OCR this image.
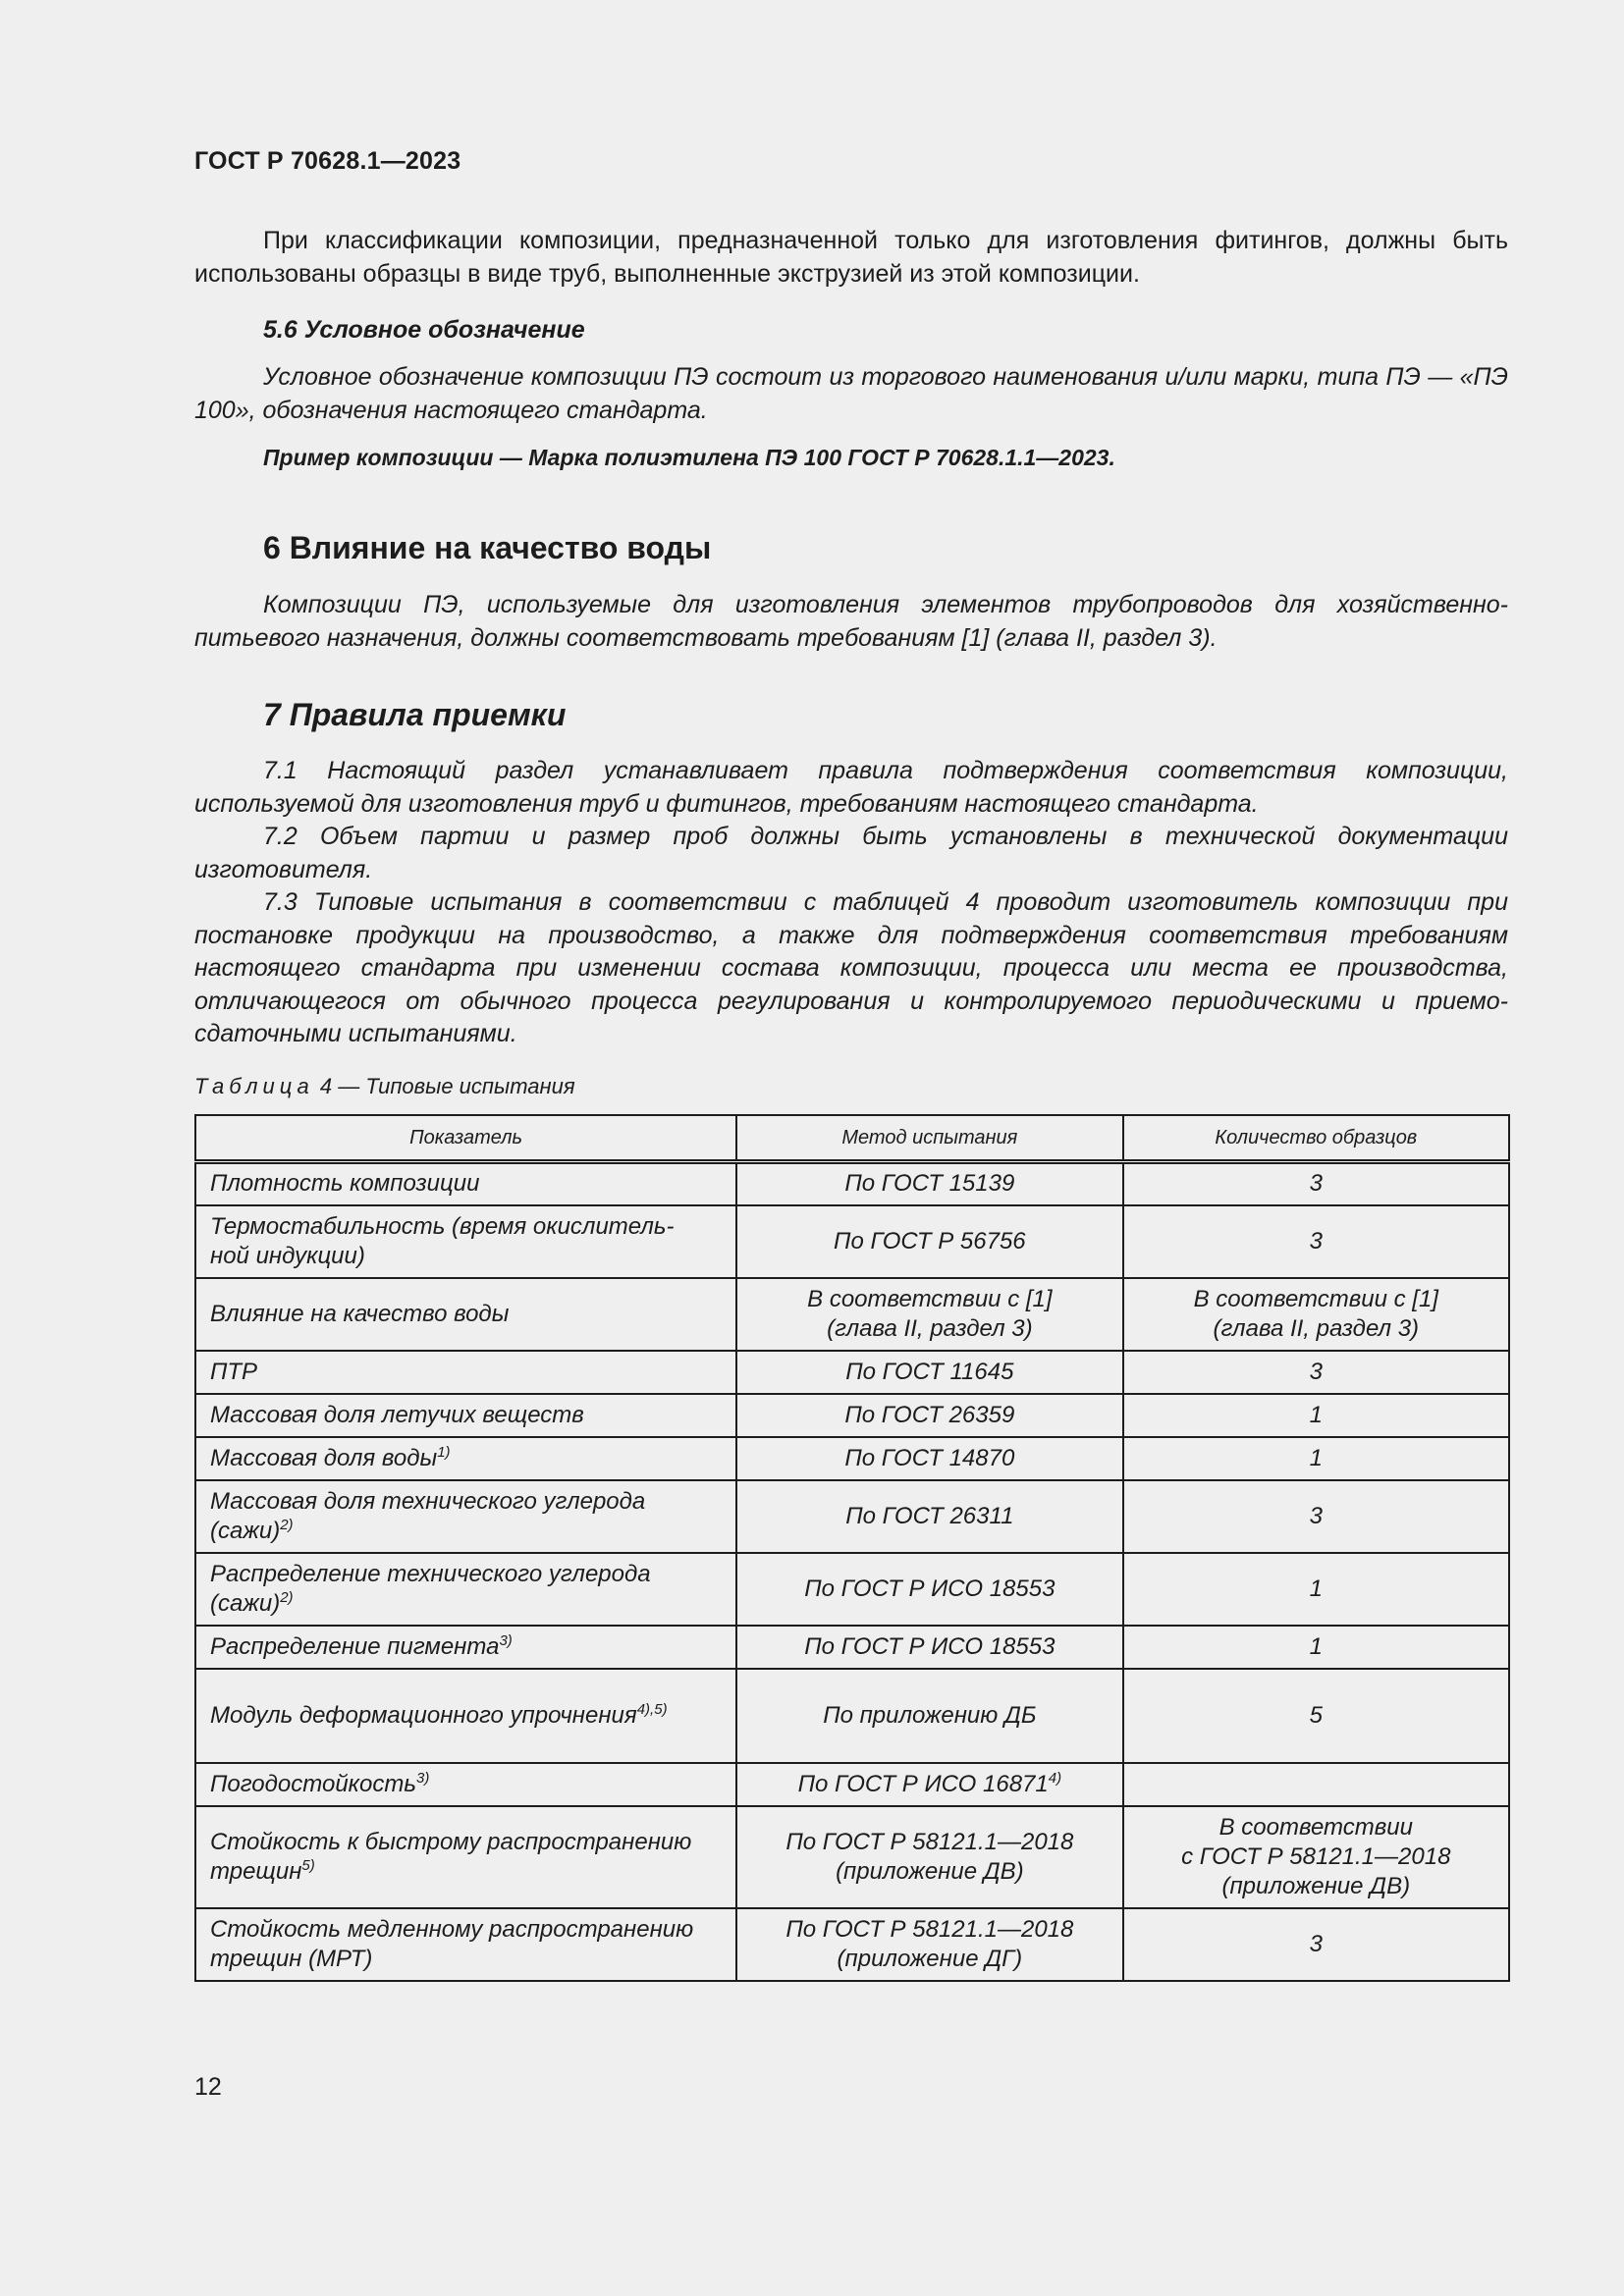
ГОСТ Р 70628.1—2023

При классификации композиции, предназначенной только для изготовления фитингов, должны быть использованы образцы в виде труб, выполненные экструзией из этой композиции.

5.6 Условное обозначение

Условное обозначение композиции ПЭ состоит из торгового наименования и/или марки, типа ПЭ — «ПЭ 100», обозначения настоящего стандарта.

Пример композиции — Марка полиэтилена ПЭ 100 ГОСТ Р 70628.1.1—2023.

6 Влияние на качество воды

Композиции ПЭ, используемые для изготовления элементов трубопроводов для хозяйственно-питьевого назначения, должны соответствовать требованиям [1] (глава II, раздел 3).

7 Правила приемки

7.1 Настоящий раздел устанавливает правила подтверждения соответствия композиции, используемой для изготовления труб и фитингов, требованиям настоящего стандарта.

7.2 Объем партии и размер проб должны быть установлены в технической документации изготовителя.

7.3 Типовые испытания в соответствии с таблицей 4 проводит изготовитель композиции при постановке продукции на производство, а также для подтверждения соответствия требованиям настоящего стандарта при изменении состава композиции, процесса или места ее производства, отличающегося от обычного процесса регулирования и контролируемого периодическими и приемо-сдаточными испытаниями.

Таблица 4 — Типовые испытания
Показатель	Метод испытания	Количество образцов

Плотность композиции	По ГОСТ 15139	3

Термостабильность (время окислитель-
ной индукции)	По ГОСТ Р 56756	3

Влияние на качество воды	В соответствии с [1]
(глава II, раздел 3)	В соответствии с [1]
(глава II, раздел 3)

ПТР	По ГОСТ 11645	3

Массовая доля летучих веществ	По ГОСТ 26359	1

Массовая доля воды$^{1)}$	По ГОСТ 14870	1

Массовая доля технического углерода
(сажи)$^{2)}$	По ГОСТ 26311	3

Распределение технического углерода
(сажи)$^{2)}$	По ГОСТ Р ИСО 18553	1

Распределение пигмента$^{3)}$	По ГОСТ Р ИСО 18553	1

Модуль деформационного упрочнения$^{4),5)}$	По приложению ДБ	5

Погодостойкость$^{3)}$	По ГОСТ Р ИСО 16871$^{4)}$

Стойкость к быстрому распространению
трещин$^{5)}$	По ГОСТ Р 58121.1—2018
(приложение ДВ)	В соответствии
с ГОСТ Р 58121.1—2018
(приложение ДВ)

Стойкость медленному распространению
трещин (МРТ)	По ГОСТ Р 58121.1—2018
(приложение ДГ)	3
12
